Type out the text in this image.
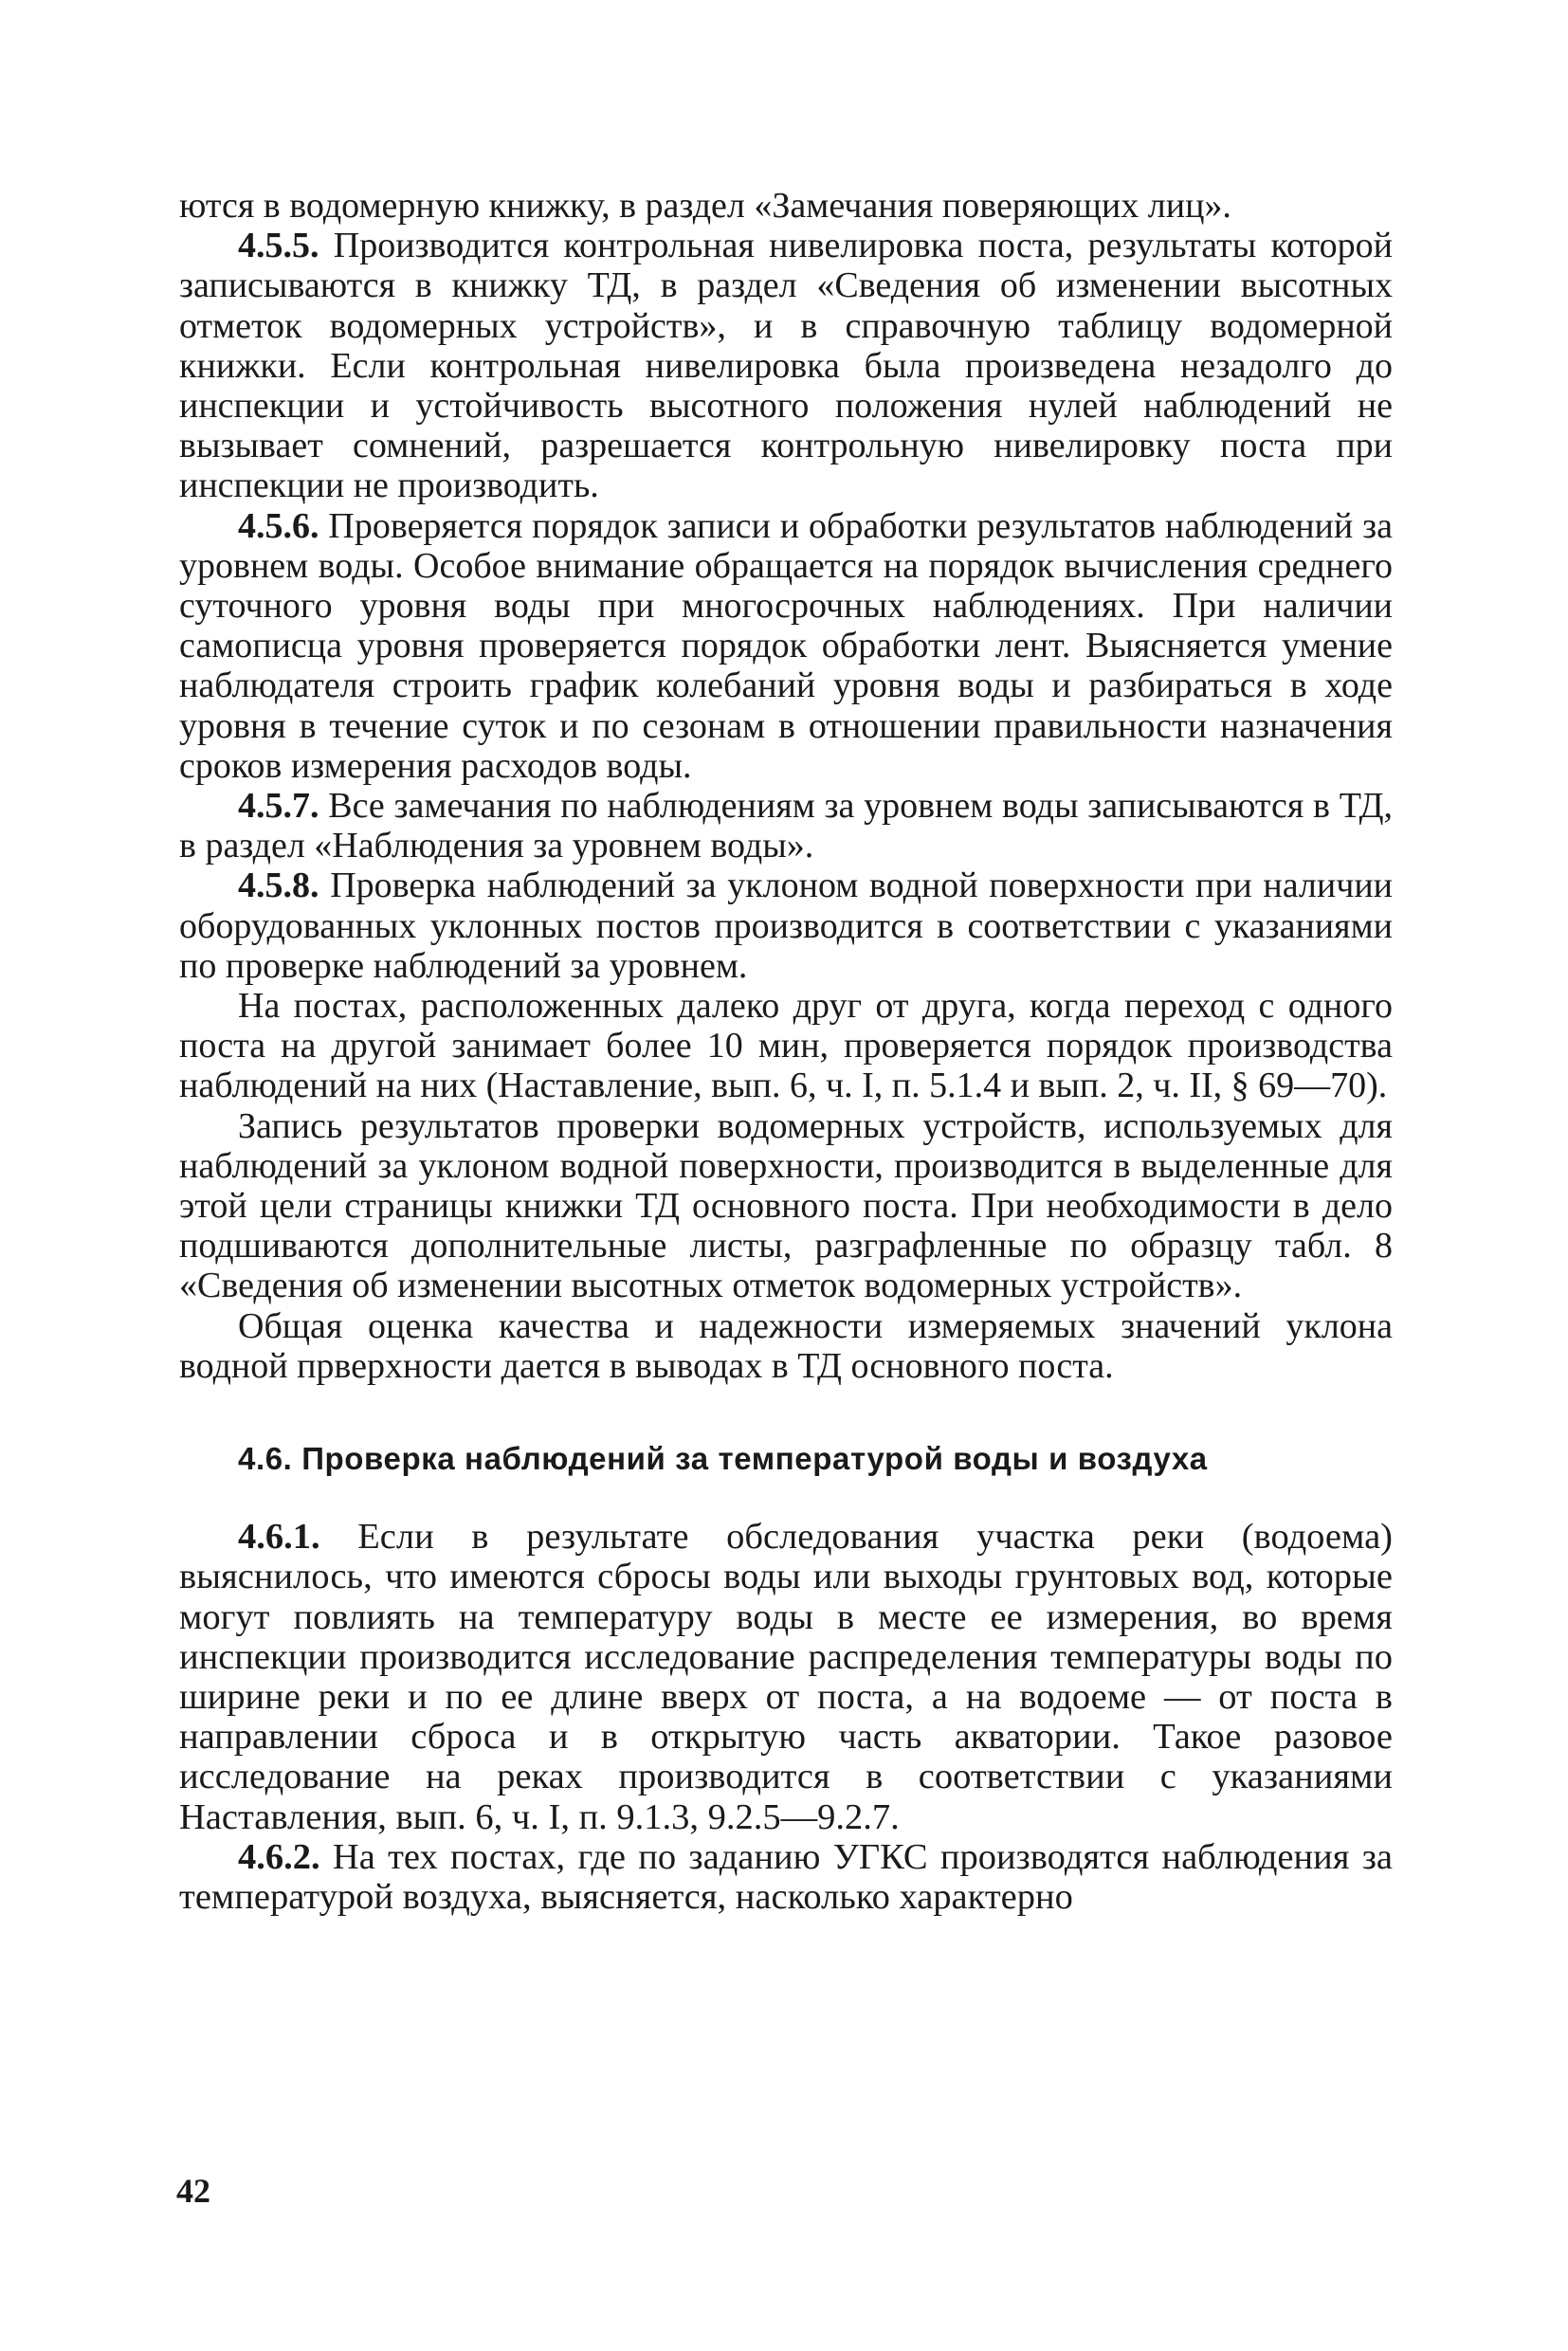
ются в водомерную книжку, в раздел «Замечания поверяющих лиц».

4.5.5. Производится контрольная нивелировка поста, результаты которой записываются в книжку ТД, в раздел «Сведения об изменении высотных отметок водомерных устройств», и в справочную таблицу водомерной книжки. Если контрольная нивелировка была произведена незадолго до инспекции и устойчивость высотного положения нулей наблюдений не вызывает сомнений, разрешается контрольную нивелировку поста при инспекции не производить.

4.5.6. Проверяется порядок записи и обработки результатов наблюдений за уровнем воды. Особое внимание обращается на порядок вычисления среднего суточного уровня воды при многосрочных наблюдениях. При наличии самописца уровня проверяется порядок обработки лент. Выясняется умение наблюдателя строить график колебаний уровня воды и разбираться в ходе уровня в течение суток и по сезонам в отношении правильности назначения сроков измерения расходов воды.

4.5.7. Все замечания по наблюдениям за уровнем воды записываются в ТД, в раздел «Наблюдения за уровнем воды».

4.5.8. Проверка наблюдений за уклоном водной поверхности при наличии оборудованных уклонных постов производится в соответствии с указаниями по проверке наблюдений за уровнем.

На постах, расположенных далеко друг от друга, когда переход с одного поста на другой занимает более 10 мин, проверяется порядок производства наблюдений на них (Наставление, вып. 6, ч. I, п. 5.1.4 и вып. 2, ч. II, § 69—70).

Запись результатов проверки водомерных устройств, используемых для наблюдений за уклоном водной поверхности, производится в выделенные для этой цели страницы книжки ТД основного поста. При необходимости в дело подшиваются дополнительные листы, разграфленные по образцу табл. 8 «Сведения об изменении высотных отметок водомерных устройств».

Общая оценка качества и надежности измеряемых значений уклона водной прверхности дается в выводах в ТД основного поста.

4.6. Проверка наблюдений за температурой воды и воздуха

4.6.1. Если в результате обследования участка реки (водоема) выяснилось, что имеются сбросы воды или выходы грунтовых вод, которые могут повлиять на температуру воды в месте ее измерения, во время инспекции производится исследование распределения температуры воды по ширине реки и по ее длине вверх от поста, а на водоеме — от поста в направлении сброса и в открытую часть акватории. Такое разовое исследование на реках производится в соответствии с указаниями Наставления, вып. 6, ч. I, п. 9.1.3, 9.2.5—9.2.7.

4.6.2. На тех постах, где по заданию УГКС производятся наблюдения за температурой воздуха, выясняется, насколько характерно

42
